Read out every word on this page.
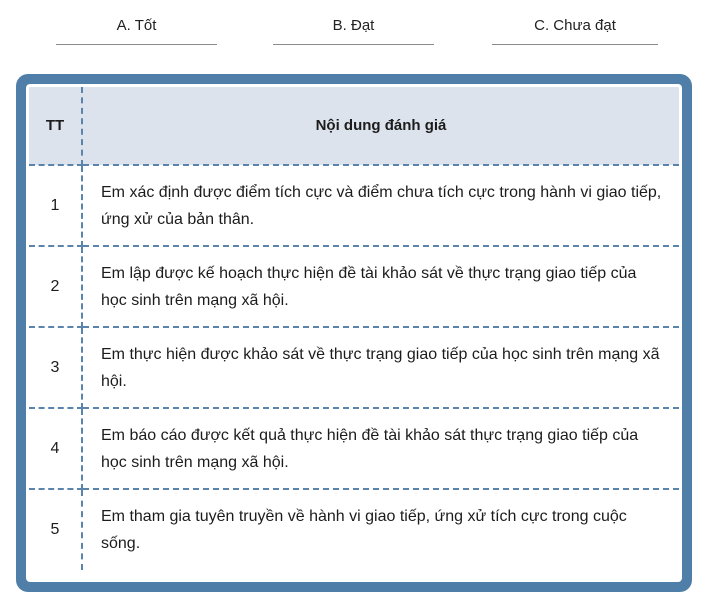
A. Tốt	B. Đạt	C. Chưa đạt
TT	Nội dung đánh giá
1	Em xác định được điểm tích cực và điểm chưa tích cực trong hành vi giao tiếp, ứng xử của bản thân.
2	Em lập được kế hoạch thực hiện đề tài khảo sát về thực trạng giao tiếp của học sinh trên mạng xã hội.
3	Em thực hiện được khảo sát về thực trạng giao tiếp của học sinh trên mạng xã hội.
4	Em báo cáo được kết quả thực hiện đề tài khảo sát thực trạng giao tiếp của học sinh trên mạng xã hội.
5	Em tham gia tuyên truyền về hành vi giao tiếp, ứng xử tích cực trong cuộc sống.
